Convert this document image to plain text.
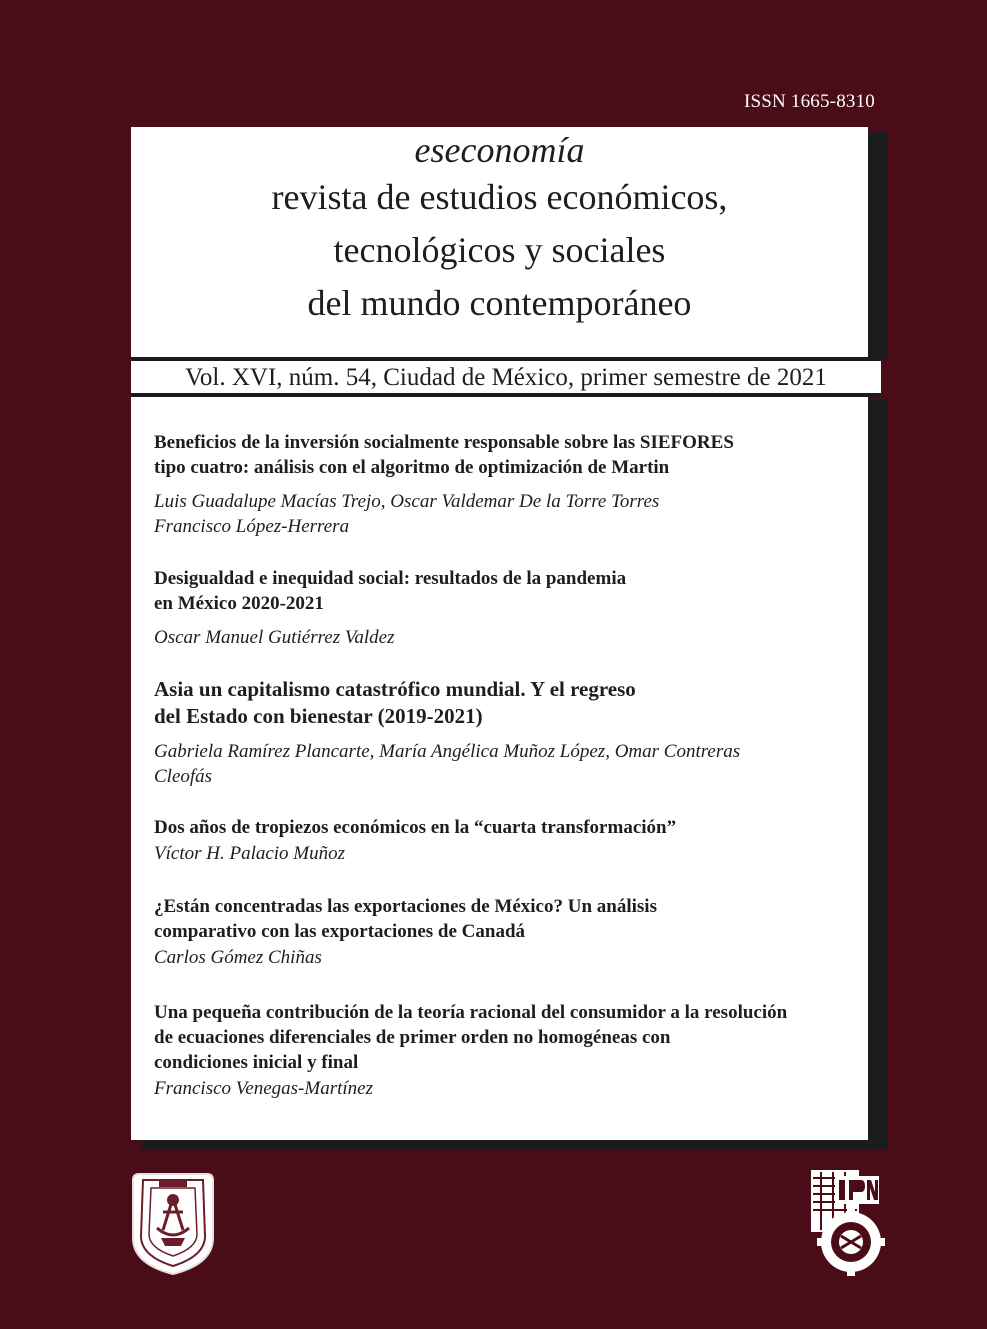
ISSN 1665-8310
eseconomía
revista de estudios económicos,
tecnológicos y sociales
del mundo contemporáneo
Vol. XVI, núm. 54, Ciudad de México, primer semestre de 2021
Beneficios de la inversión socialmente responsable sobre las SIEFORES
tipo cuatro: análisis con el algoritmo de optimización de Martin
Luis Guadalupe Macías Trejo, Oscar Valdemar De la Torre Torres
Francisco López-Herrera
Desigualdad e inequidad social: resultados de la pandemia
en México 2020-2021
Oscar Manuel Gutiérrez Valdez
Asia un capitalismo catastrófico mundial. Y el regreso
del Estado con bienestar (2019-2021)
Gabriela Ramírez Plancarte, María Angélica Muñoz López, Omar Contreras
Cleofás
Dos años de tropiezos económicos en la “cuarta transformación”
Víctor H. Palacio Muñoz
¿Están concentradas las exportaciones de México? Un análisis
comparativo con las exportaciones de Canadá
Carlos Gómez Chiñas
Una pequeña contribución de la teoría racional del consumidor a la resolución
de ecuaciones diferenciales de primer orden no homogéneas con
condiciones inicial y final
Francisco Venegas-Martínez
